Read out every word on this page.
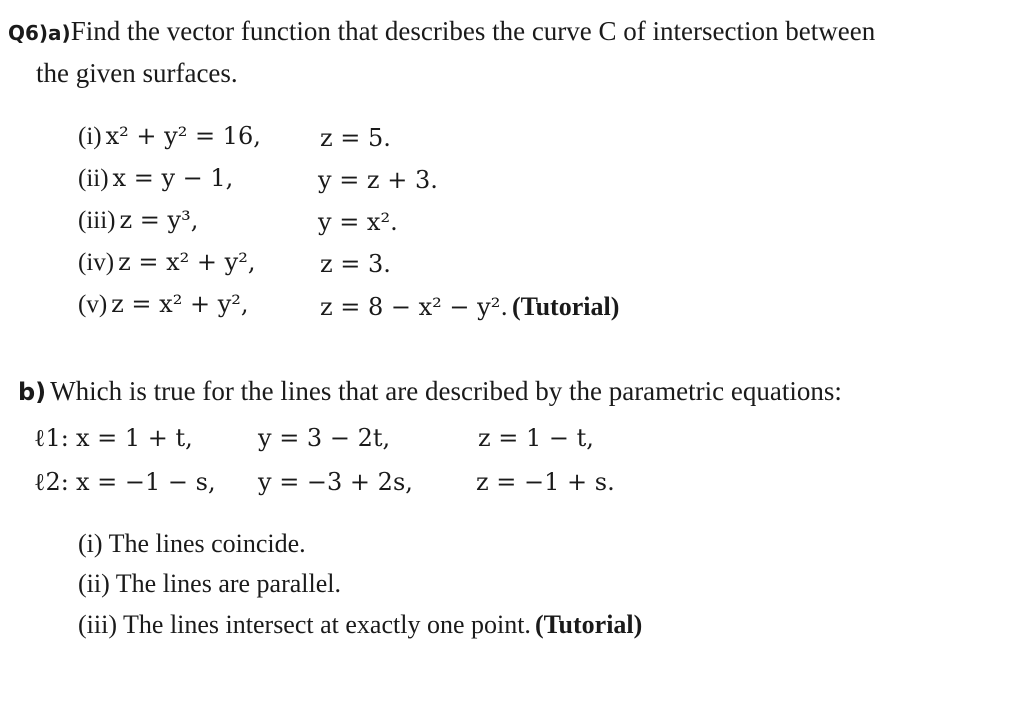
Q6)a)Find the vector function that describes the curve C of intersection between
the given surfaces.
(i) x² + y² = 16, z = 5.
(ii) x = y − 1,	y = z + 3.
(iii) z = y³,	y = x².
(iv) z = x² + y²,	z = 3.
(v) z = x² + y²,	z = 8 − x² − y². (Tutorial)
b) Which is true for the lines that are described by the parametric equations:
ℓ1: x = 1 + t,	y = 3 − 2t,	z = 1 − t,
ℓ2: x = −1 − s, y = −3 + 2s,	z = −1 + s.
(i) The lines coincide.
(ii) The lines are parallel.
(iii) The lines intersect at exactly one point. (Tutorial)
